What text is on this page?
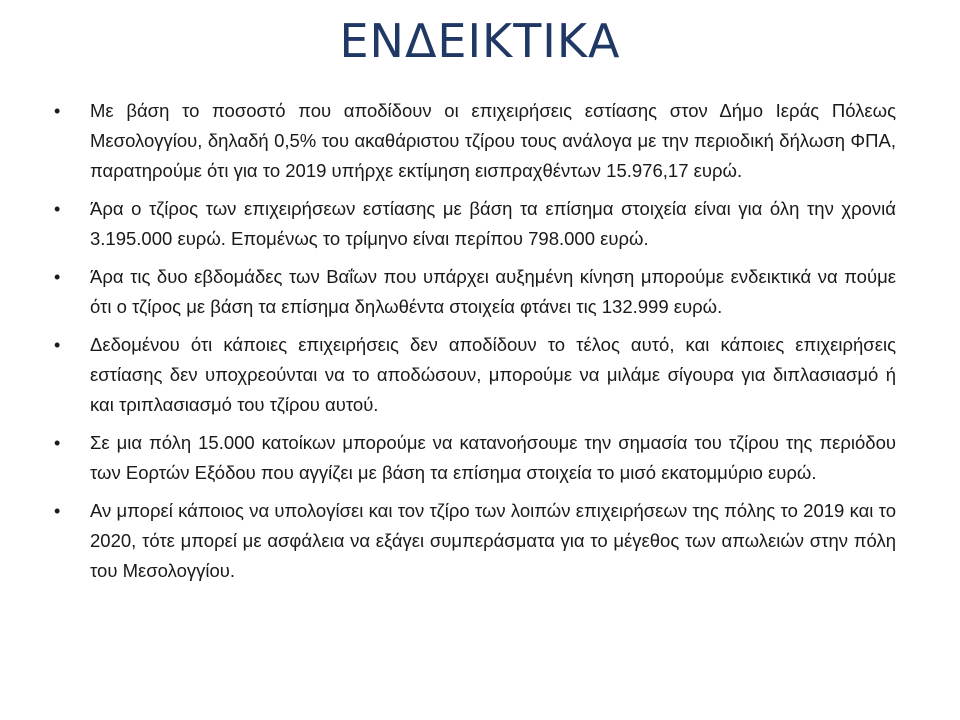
ΕΝΔΕΙΚΤΙΚΑ
• Με βάση το ποσοστό που αποδίδουν οι επιχειρήσεις εστίασης στον Δήμο Ιεράς Πόλεως Μεσολογγίου, δηλαδή 0,5% του ακαθάριστου τζίρου τους ανάλογα με την περιοδική δήλωση ΦΠΑ, παρατηρούμε ότι για το 2019 υπήρχε εκτίμηση εισπραχθέντων 15.976,17 ευρώ.
• Άρα ο τζίρος των επιχειρήσεων εστίασης με βάση τα επίσημα στοιχεία είναι για όλη την χρονιά 3.195.000 ευρώ. Επομένως το τρίμηνο είναι περίπου 798.000 ευρώ.
• Άρα τις δυο εβδομάδες των Βαΐων που υπάρχει αυξημένη κίνηση μπορούμε ενδεικτικά να πούμε ότι ο τζίρος με βάση τα επίσημα δηλωθέντα στοιχεία φτάνει τις 132.999 ευρώ.
• Δεδομένου ότι κάποιες επιχειρήσεις δεν αποδίδουν το τέλος αυτό, και κάποιες επιχειρήσεις εστίασης δεν υποχρεούνται να το αποδώσουν, μπορούμε να μιλάμε σίγουρα για διπλασιασμό ή και τριπλασιασμό του τζίρου αυτού.
• Σε μια πόλη 15.000 κατοίκων μπορούμε να κατανοήσουμε την σημασία του τζίρου της περιόδου των Εορτών Εξόδου που αγγίζει με βάση τα επίσημα στοιχεία το μισό εκατομμύριο ευρώ.
• Αν μπορεί κάποιος να υπολογίσει και τον τζίρο των λοιπών επιχειρήσεων της πόλης το 2019 και το 2020, τότε μπορεί με ασφάλεια να εξάγει συμπεράσματα για το μέγεθος των απωλειών στην πόλη του Μεσολογγίου.
